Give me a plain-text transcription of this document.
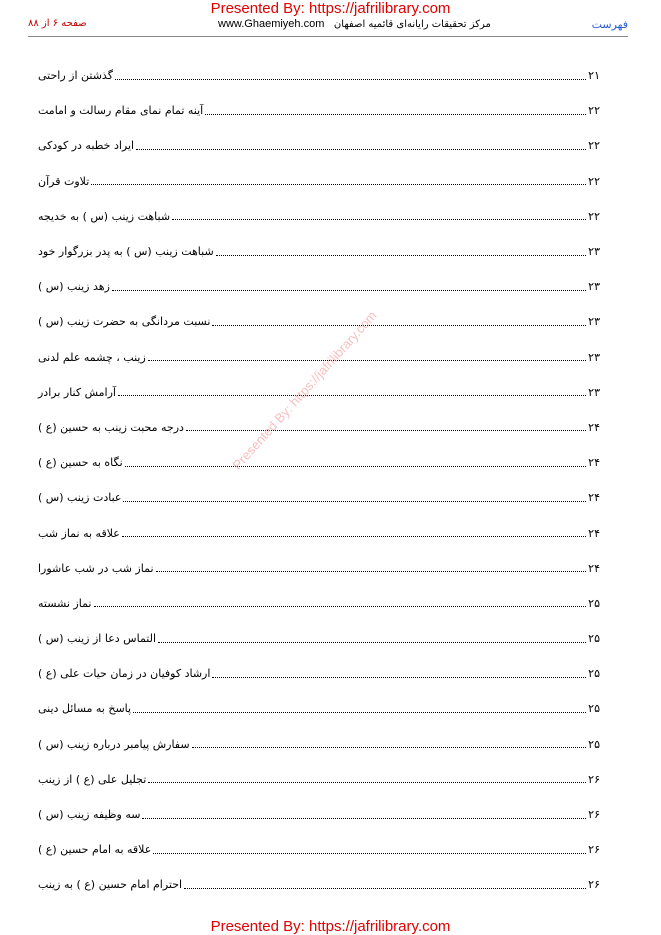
Presented By: https://jafrilibrary.com
فهرست
مرکز تحقیقات رایانه‌ای قائمیه اصفهان   www.Ghaemiyeh.com
صفحه ۶ از ۸۸
گذشتن از راحتی	۲۱
آینه تمام نمای مقام رسالت و امامت	۲۲
ایراد خطبه در کودکی	۲۲
تلاوت قرآن	۲۲
شباهت زینب (س ) به خدیجه	۲۲
شباهت زینب (س ) به پدر بزرگوار خود	۲۳
زهد زینب (س )	۲۳
نسبت مردانگی به حضرت زینب (س )	۲۳
زینب ، چشمه علم لدنی	۲۳
آرامش کنار برادر	۲۳
درجه محبت زینب به حسین (ع )	۲۴
نگاه به حسین (ع )	۲۴
عبادت زینب (س )	۲۴
علاقه به نماز شب	۲۴
نماز شب در شب عاشورا	۲۴
نماز نشسته	۲۵
التماس دعا از زینب (س )	۲۵
ارشاد کوفیان در زمان حیات علی (ع )	۲۵
پاسخ به مسائل دینی	۲۵
سفارش پیامبر درباره زینب (س )	۲۵
تجلیل علی (ع ) از زینب	۲۶
سه وظیفه زینب (س )	۲۶
علاقه به امام حسین (ع )	۲۶
احترام امام حسین (ع ) به زینب	۲۶
Presented By: https://jafrilibrary.com
Presented By: https://jafrilibrary.com
